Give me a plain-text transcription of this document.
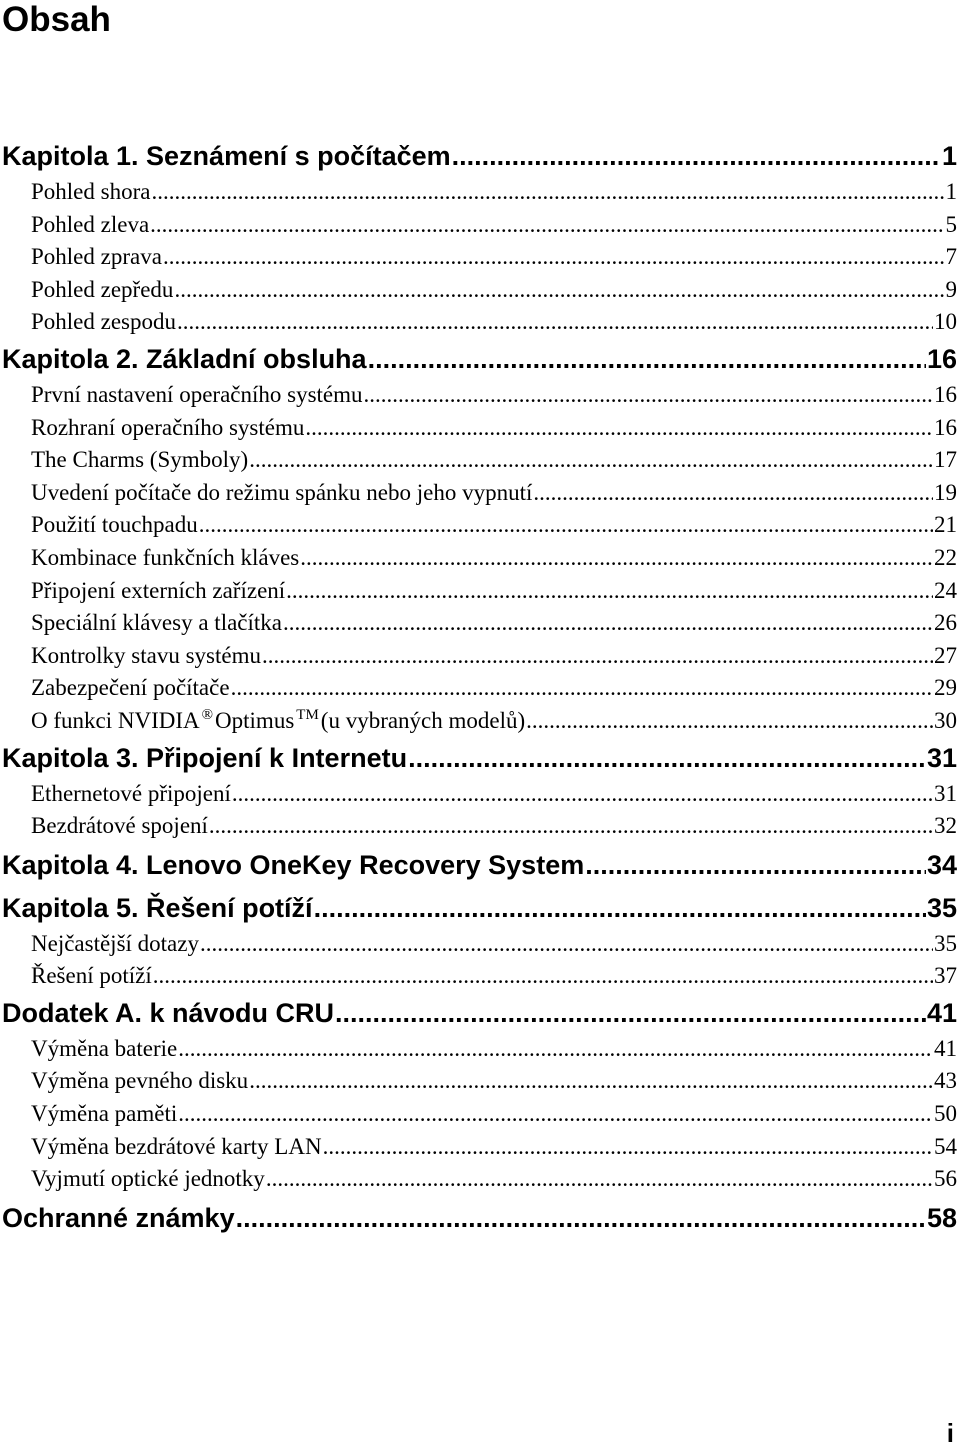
Obsah
Kapitola 1. Seznámení s počítačem .....	1
Pohled shora .....	1
Pohled zleva .....	5
Pohled zprava .....	7
Pohled zepředu .....	9
Pohled zespodu .....	10
Kapitola 2. Základní obsluha .....	16
První nastavení operačního systému .....	16
Rozhraní operačního systému .....	16
The Charms (Symboly) .....	17
Uvedení počítače do režimu spánku nebo jeho vypnutí .....	19
Použití touchpadu .....	21
Kombinace funkčních kláves .....	22
Připojení externích zařízení .....	24
Speciální klávesy a tlačítka .....	26
Kontrolky stavu systému .....	27
Zabezpečení počítače .....	29
O funkci NVIDIA ®Optimus ™(u vybraných modelů) .....	30
Kapitola 3. Připojení k Internetu .....	31
Ethernetové připojení .....	31
Bezdrátové spojení .....	32
Kapitola 4. Lenovo OneKey Recovery System .....	34
Kapitola 5. Řešení potíží .....	35
Nejčastější dotazy .....	35
Řešení potíží .....	37
Dodatek A. k návodu CRU .....	41
Výměna baterie .....	41
Výměna pevného disku .....	43
Výměna paměti .....	50
Výměna bezdrátové karty LAN .....	54
Vyjmutí optické jednotky .....	56
Ochranné známky .....	58
i
